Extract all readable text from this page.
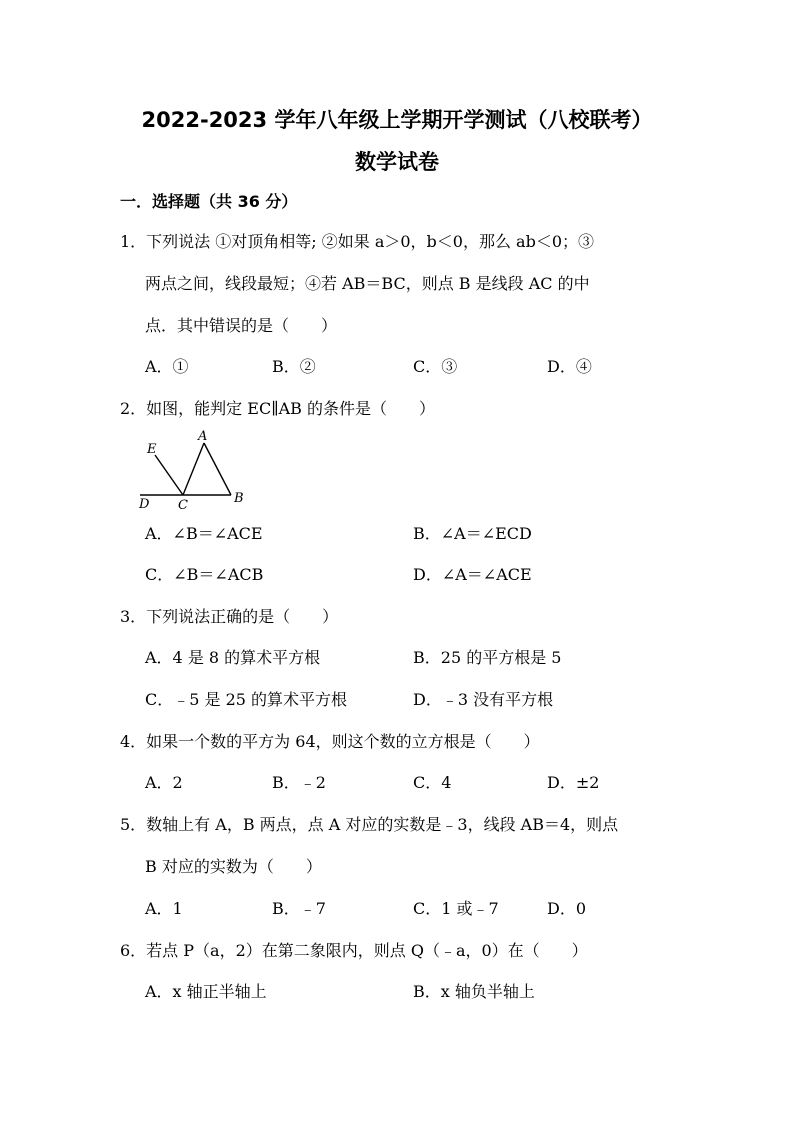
2022-2023 学年八年级上学期开学测试（八校联考）
数学试卷
一．选择题（共 36 分）
1．下列说法 ①对顶角相等; ②如果 a＞0，b＜0，那么 ab＜0；③
两点之间，线段最短；④若 AB＝BC，则点 B 是线段 AC 的中
点．其中错误的是（　　）
A．①	B．②	C．③	D．④
2．如图，能判定 EC∥AB 的条件是（　　）
E
A
D C	B
A．∠B＝∠ACE	B．∠A＝∠ECD
C．∠B＝∠ACB	D．∠A＝∠ACE
3．下列说法正确的是（　　）
A．4 是 8 的算术平方根	B．25 的平方根是 5
C．﹣5 是 25 的算术平方根	D．﹣3 没有平方根
4．如果一个数的平方为 64，则这个数的立方根是（　　）
A．2	B．﹣2	C．4	D．±2
5．数轴上有 A，B 两点，点 A 对应的实数是﹣3，线段 AB＝4，则点
B 对应的实数为（　　）
A．1	B．﹣7	C．1 或﹣7	D．0
6．若点 P（a，2）在第二象限内，则点 Q（﹣a，0）在（　　）
A．x 轴正半轴上	B．x 轴负半轴上
